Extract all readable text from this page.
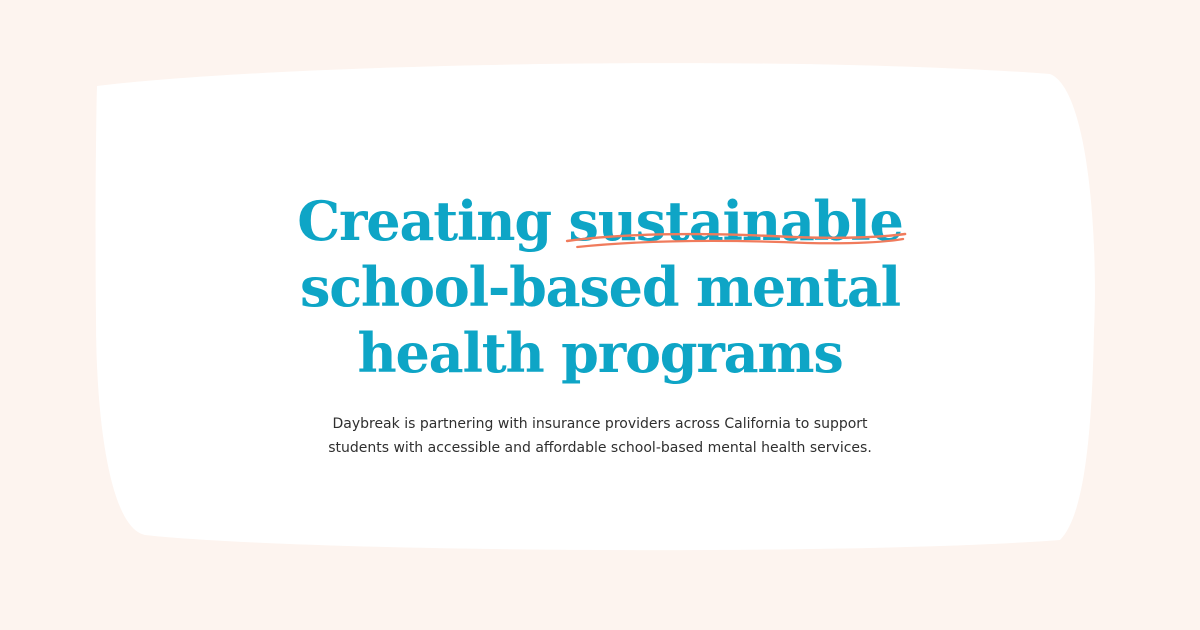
Creating sustainable
school-based mental
health programs

Daybreak is partnering with insurance providers across California to support
students with accessible and affordable school-based mental health services.
